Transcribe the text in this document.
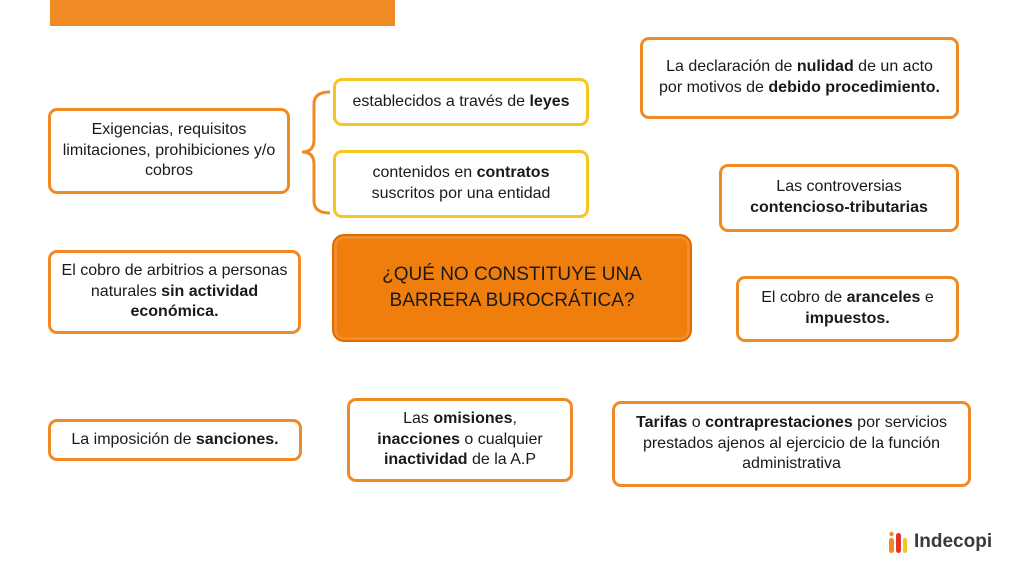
Exigencias, requisitos limitaciones, prohibiciones y/o cobros
El cobro de arbitrios a personas naturales sin actividad económica.
La imposición de sanciones.
establecidos a través de leyes
contenidos en contratos suscritos por una entidad
¿QUÉ NO CONSTITUYE UNA BARRERA BUROCRÁTICA?
Las omisiones, inacciones o cualquier inactividad de la A.P
La declaración de nulidad de un acto por motivos de debido procedimiento.
Las controversias contencioso-tributarias
El cobro de aranceles e impuestos.
Tarifas o contraprestaciones por servicios prestados ajenos al ejercicio de la función administrativa
Indecopi
